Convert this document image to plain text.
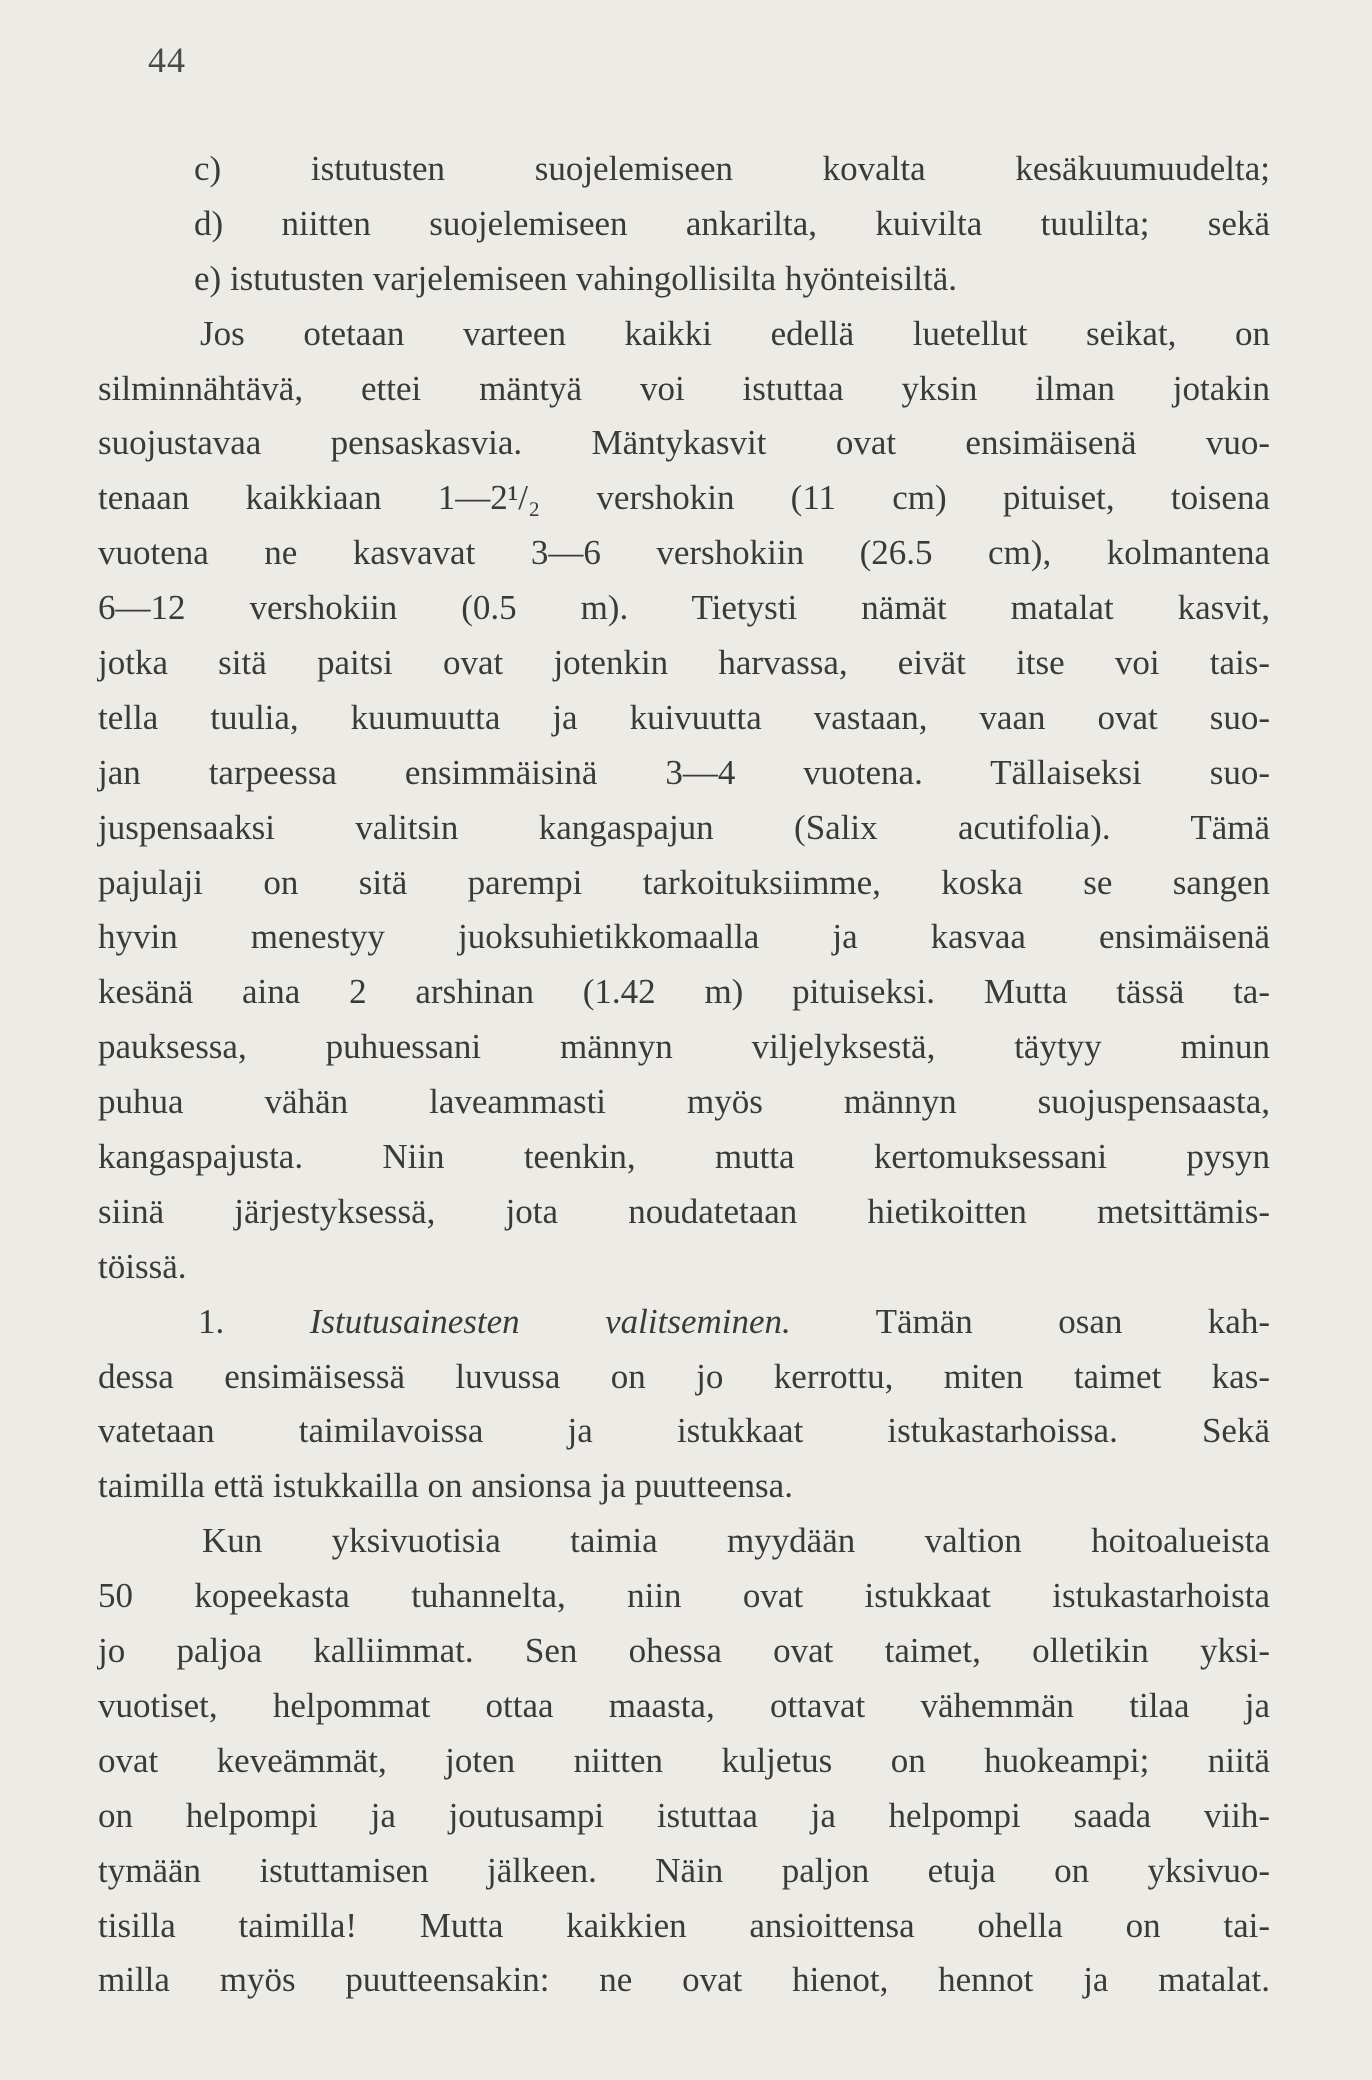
44
c) istutusten suojelemiseen kovalta kesäkuumuudelta;
d) niitten suojelemiseen ankarilta, kuivilta tuulilta; sekä
e) istutusten varjelemiseen vahingollisilta hyönteisiltä.
Jos otetaan varteen kaikki edellä luetellut seikat, on
silminnähtävä, ettei mäntyä voi istuttaa yksin ilman jotakin
suojustavaa pensaskasvia. Mäntykasvit ovat ensimäisenä vuo-
tenaan kaikkiaan 1—2¹/₂ vershokin (11 cm) pituiset, toisena
vuotena ne kasvavat 3—6 vershokiin (26.5 cm), kolmantena
6—12 vershokiin (0.5 m). Tietysti nämät matalat kasvit,
jotka sitä paitsi ovat jotenkin harvassa, eivät itse voi tais-
tella tuulia, kuumuutta ja kuivuutta vastaan, vaan ovat suo-
jan tarpeessa ensimmäisinä 3—4 vuotena. Tällaiseksi suo-
juspensaaksi valitsin kangaspajun (Salix acutifolia). Tämä
pajulaji on sitä parempi tarkoituksiimme, koska se sangen
hyvin menestyy juoksuhietikkomaalla ja kasvaa ensimäisenä
kesänä aina 2 arshinan (1.42 m) pituiseksi. Mutta tässä ta-
pauksessa, puhuessani männyn viljelyksestä, täytyy minun
puhua vähän laveammasti myös männyn suojuspensaasta,
kangaspajusta. Niin teenkin, mutta kertomuksessani pysyn
siinä järjestyksessä, jota noudatetaan hietikoitten metsittämis-
töissä.
1. Istutusainesten valitseminen. Tämän osan kah-
dessa ensimäisessä luvussa on jo kerrottu, miten taimet kas-
vatetaan taimilavoissa ja istukkaat istukastarhoissa. Sekä
taimilla että istukkailla on ansionsa ja puutteensa.
Kun yksivuotisia taimia myydään valtion hoitoalueista
50 kopeekasta tuhannelta, niin ovat istukkaat istukastarhoista
jo paljoa kalliimmat. Sen ohessa ovat taimet, olletikin yksi-
vuotiset, helpommat ottaa maasta, ottavat vähemmän tilaa ja
ovat keveämmät, joten niitten kuljetus on huokeampi; niitä
on helpompi ja joutusampi istuttaa ja helpompi saada viih-
tymään istuttamisen jälkeen. Näin paljon etuja on yksivuo-
tisilla taimilla! Mutta kaikkien ansioittensa ohella on tai-
milla myös puutteensakin: ne ovat hienot, hennot ja matalat.
